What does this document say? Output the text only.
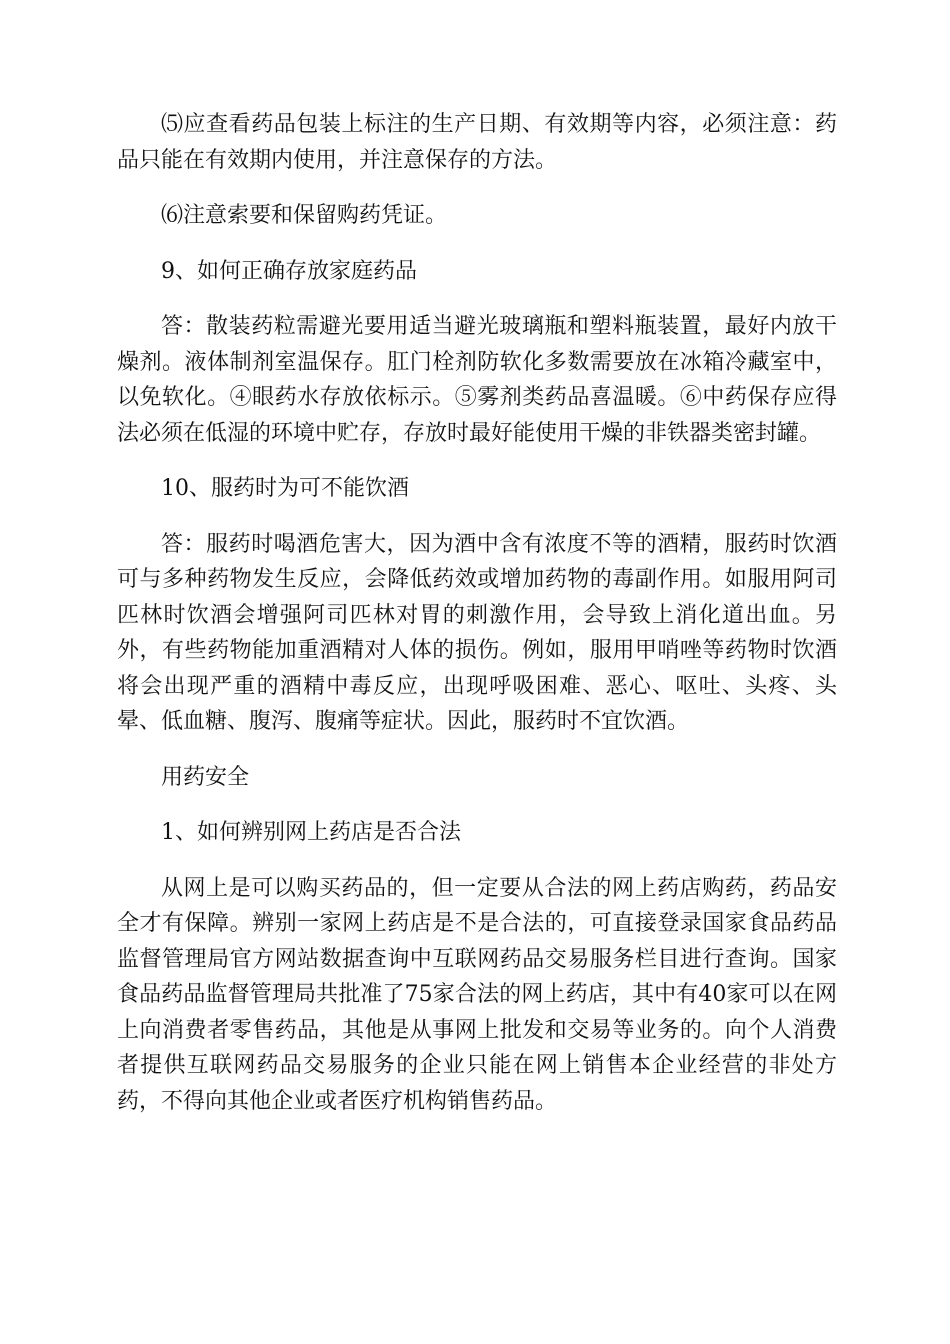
⑸应查看药品包装上标注的生产日期、有效期等内容，必须注意：药品只能在有效期内使用，并注意保存的方法。

⑹注意索要和保留购药凭证。

9、如何正确存放家庭药品

答：散装药粒需避光要用适当避光玻璃瓶和塑料瓶装置，最好内放干燥剂。液体制剂室温保存。肛门栓剂防软化多数需要放在冰箱冷藏室中，以免软化。④眼药水存放依标示。⑤雾剂类药品喜温暖。⑥中药保存应得法必须在低湿的环境中贮存，存放时最好能使用干燥的非铁器类密封罐。

10、服药时为可不能饮酒

答：服药时喝酒危害大，因为酒中含有浓度不等的酒精，服药时饮酒可与多种药物发生反应，会降低药效或增加药物的毒副作用。如服用阿司匹林时饮酒会增强阿司匹林对胃的刺激作用，会导致上消化道出血。另外，有些药物能加重酒精对人体的损伤。例如，服用甲哨唑等药物时饮酒将会出现严重的酒精中毒反应，出现呼吸困难、恶心、呕吐、头疼、头晕、低血糖、腹泻、腹痛等症状。因此，服药时不宜饮酒。

用药安全

1、如何辨别网上药店是否合法

从网上是可以购买药品的，但一定要从合法的网上药店购药，药品安全才有保障。辨别一家网上药店是不是合法的，可直接登录国家食品药品监督管理局官方网站数据查询中互联网药品交易服务栏目进行查询。国家食品药品监督管理局共批准了75家合法的网上药店，其中有40家可以在网上向消费者零售药品，其他是从事网上批发和交易等业务的。向个人消费者提供互联网药品交易服务的企业只能在网上销售本企业经营的非处方药，不得向其他企业或者医疗机构销售药品。
